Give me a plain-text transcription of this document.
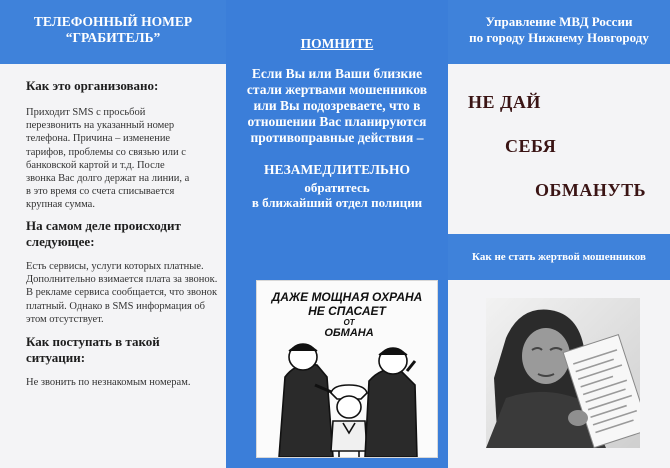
ТЕЛЕФОННЫЙ НОМЕР
“ГРАБИТЕЛЬ”

Как это организовано:

Приходит SMS с просьбой перезвонить на указанный номер телефона. Причина – изменение тарифов, проблемы со связью или с банковской картой и т.д. После звонка Вас долго держат на линии, а в это время со счета списывается крупная сумма.

На самом деле происходит следующее:

Есть сервисы, услуги которых платные. Дополнительно взимается плата за звонок. В рекламе сервиса сообщается, что звонок платный. Однако в SMS информация об этом отсутствует.

Как поступать в такой ситуации:

Не звонить по незнакомым номерам.

ПОМНИТЕ
Если Вы или Ваши близкие стали жертвами мошенников или Вы подозреваете, что в отношении Вас планируются противоправные действия –
НЕЗАМЕДЛИТЕЛЬНО
обратитесь
в ближайший отдел полиции
ДАЖЕ МОЩНАЯ ОХРАНА
НЕ СПАСАЕТ
ОТ
ОБМАНА
Управление МВД России
по городу Нижнему Новгороду
НЕ ДАЙ
СЕБЯ
ОБМАНУТЬ
Как не стать жертвой мошенников
